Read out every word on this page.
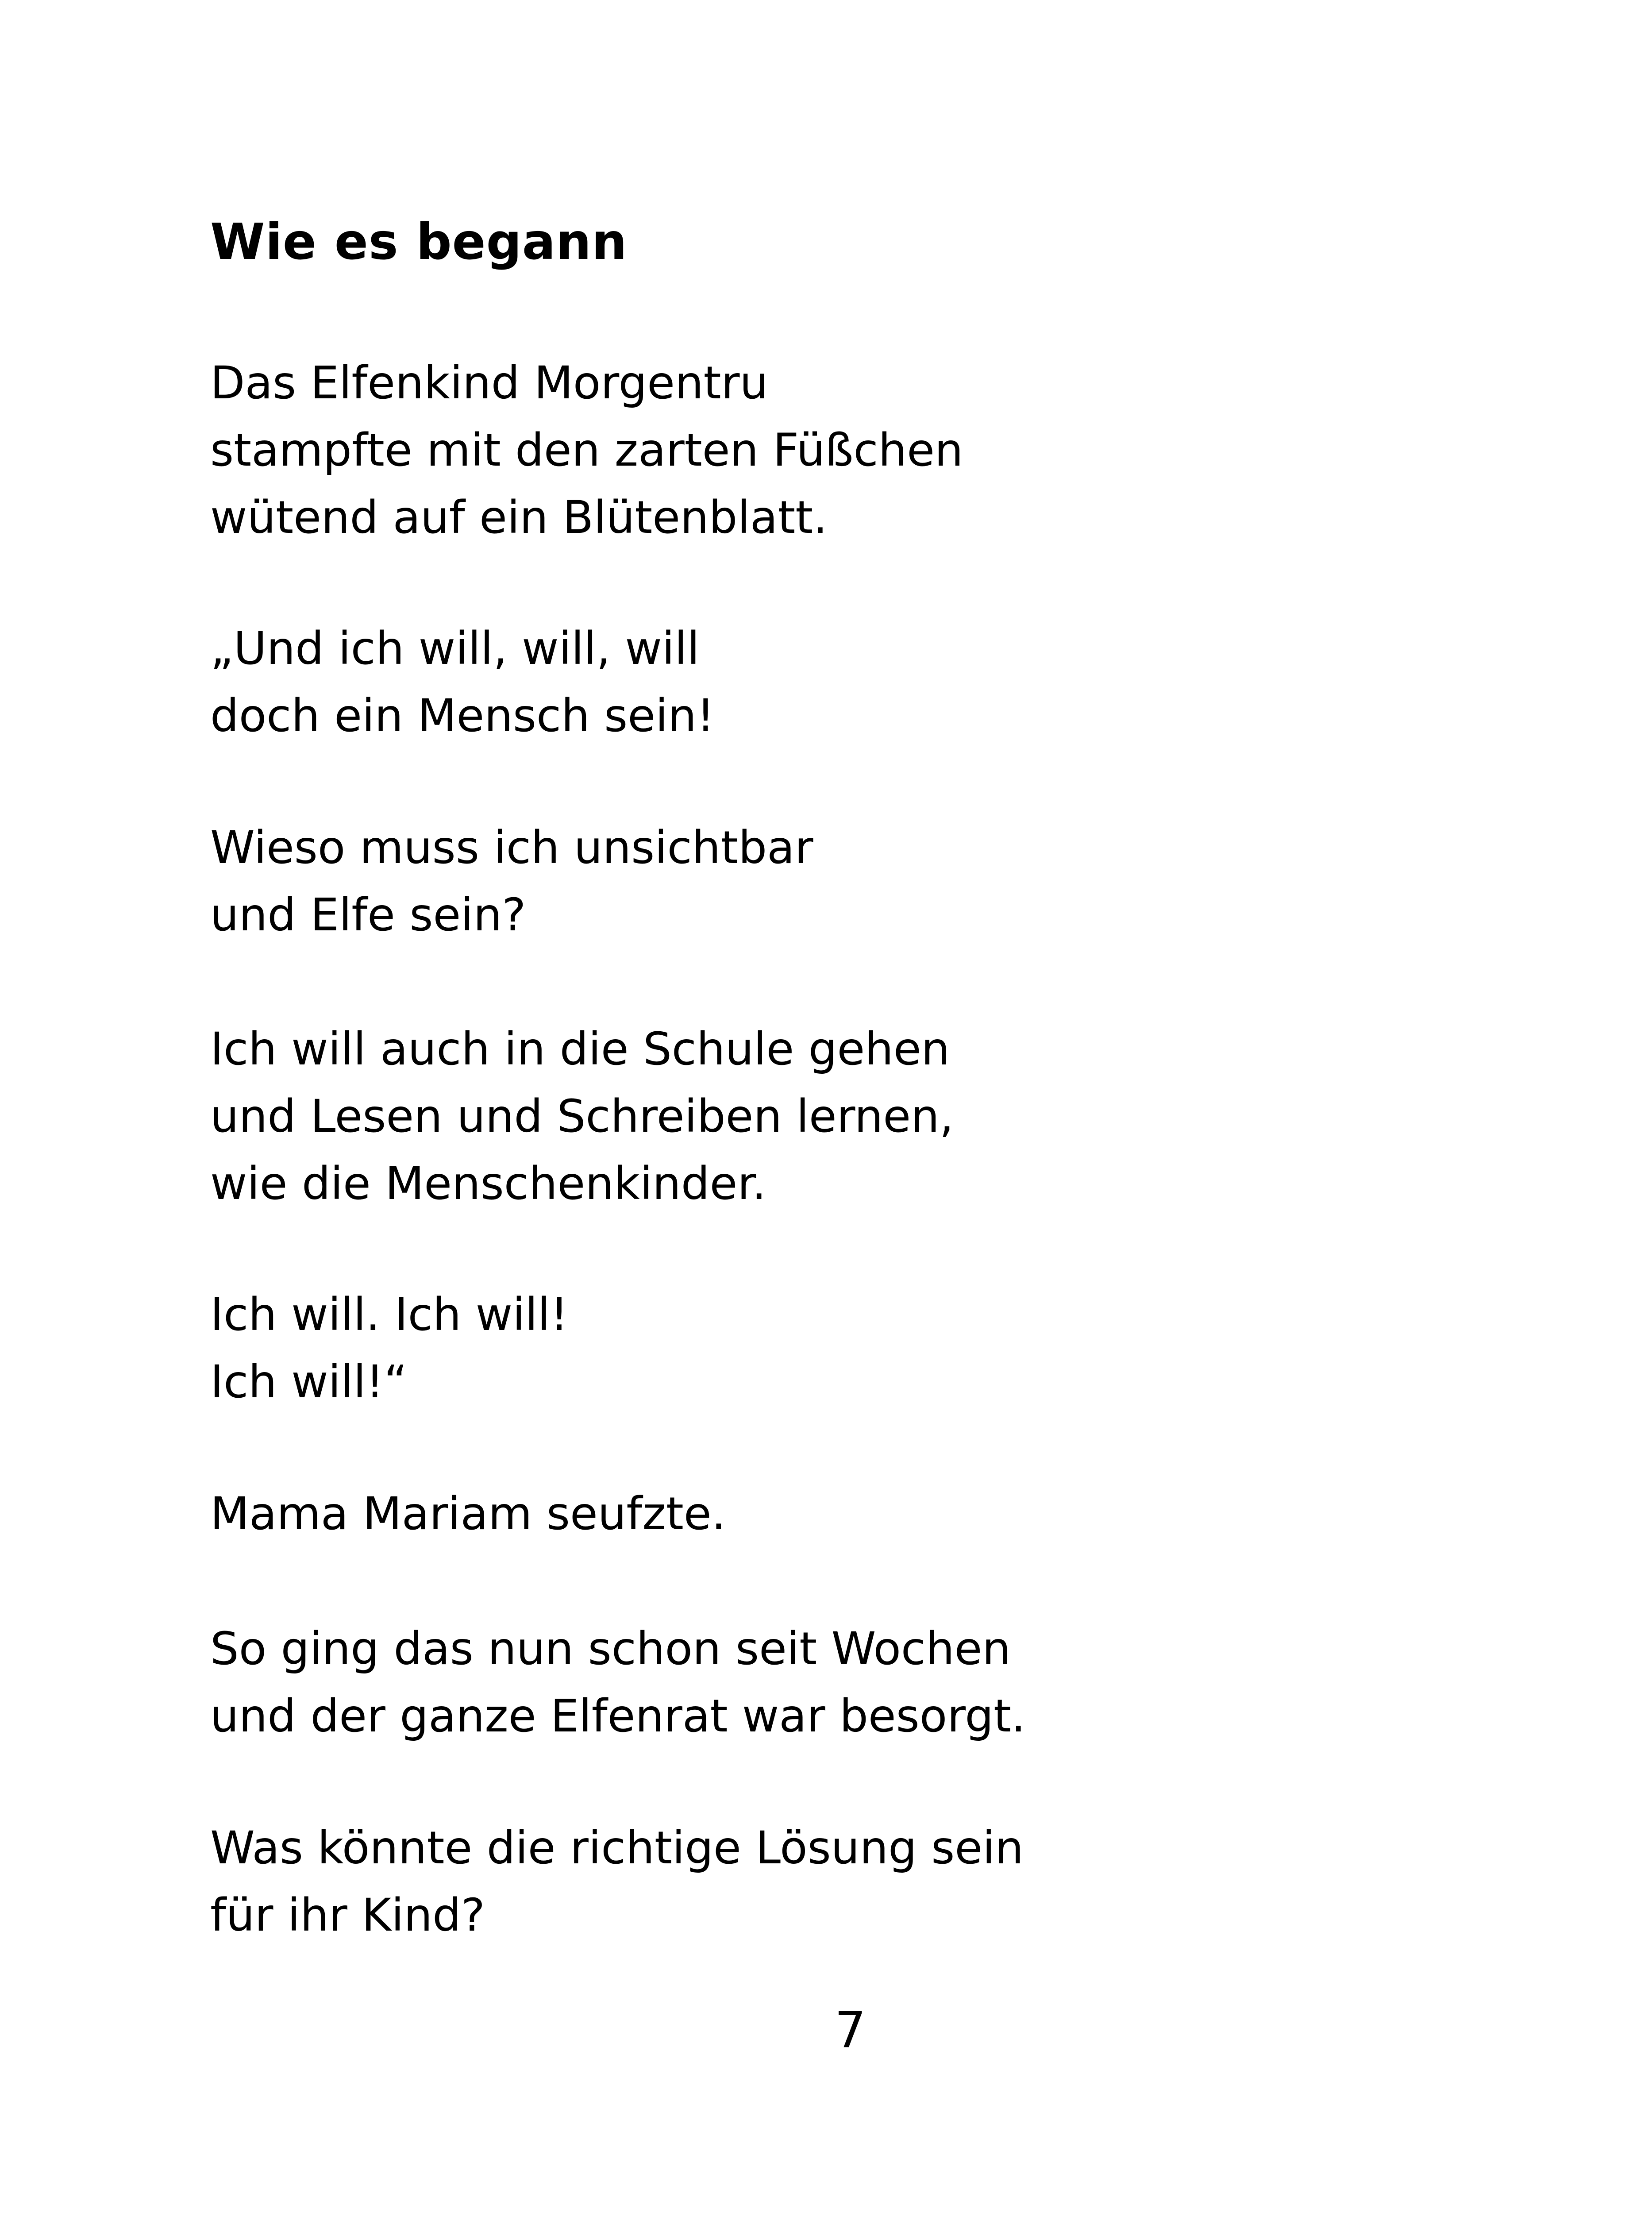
Wie es begann

Das Elfenkind Morgentru
stampfte mit den zarten Füßchen
wütend auf ein Blütenblatt.

„Und ich will, will, will
doch ein Mensch sein!

Wieso muss ich unsichtbar
und Elfe sein?

Ich will auch in die Schule gehen
und Lesen und Schreiben lernen,
wie die Menschenkinder.

Ich will. Ich will!
Ich will!“

Mama Mariam seufzte.

So ging das nun schon seit Wochen
und der ganze Elfenrat war besorgt.

Was könnte die richtige Lösung sein
für ihr Kind?

7
